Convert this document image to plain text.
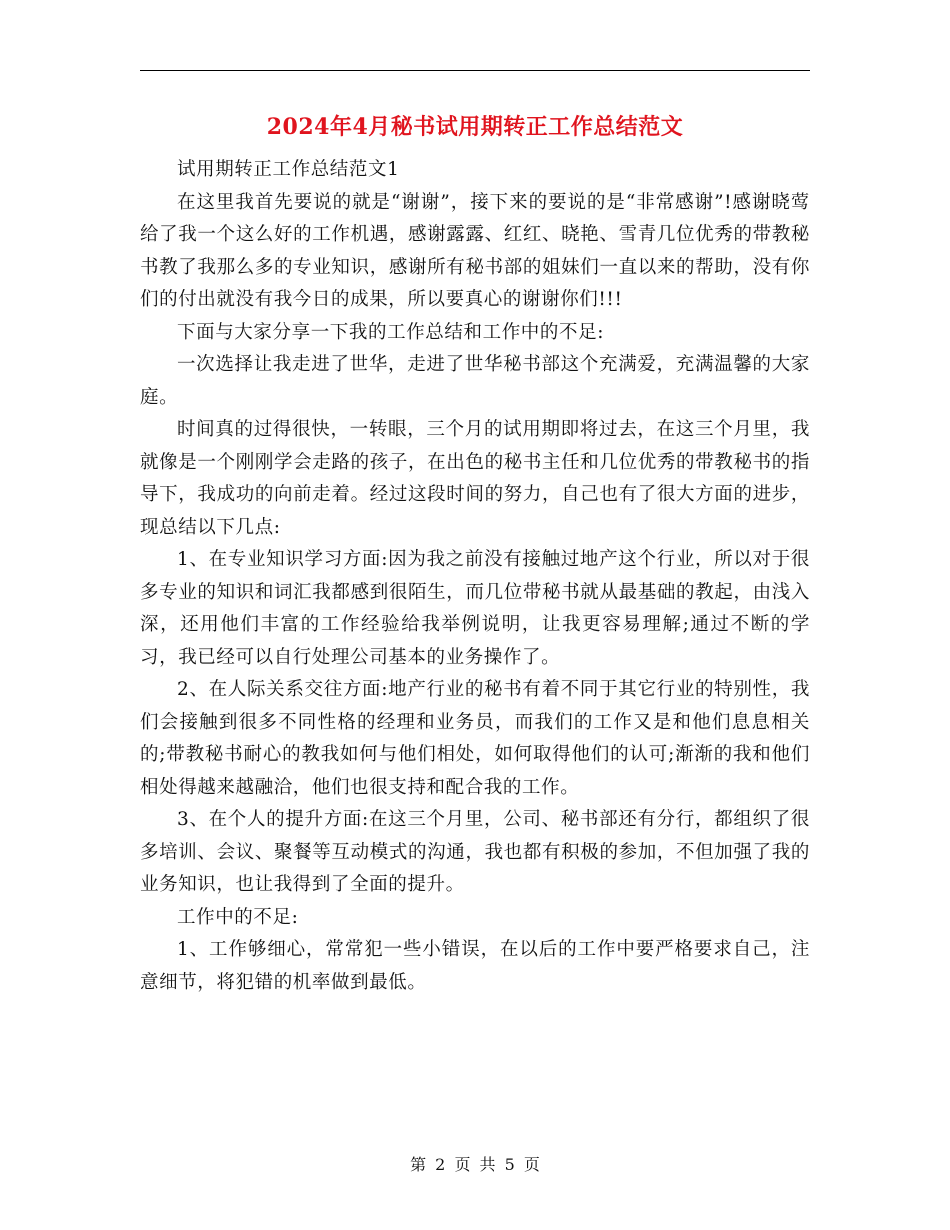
2024年4月秘书试用期转正工作总结范文

试用期转正工作总结范文1

在这里我首先要说的就是“谢谢”，接下来的要说的是“非常感谢”!感谢晓莺给了我一个这么好的工作机遇，感谢露露、红红、晓艳、雪青几位优秀的带教秘书教了我那么多的专业知识，感谢所有秘书部的姐妹们一直以来的帮助，没有你们的付出就没有我今日的成果，所以要真心的谢谢你们!!!

下面与大家分享一下我的工作总结和工作中的不足:

一次选择让我走进了世华，走进了世华秘书部这个充满爱，充满温馨的大家庭。

时间真的过得很快，一转眼，三个月的试用期即将过去，在这三个月里，我就像是一个刚刚学会走路的孩子，在出色的秘书主任和几位优秀的带教秘书的指导下，我成功的向前走着。经过这段时间的努力，自己也有了很大方面的进步，现总结以下几点:

1、在专业知识学习方面:因为我之前没有接触过地产这个行业，所以对于很多专业的知识和词汇我都感到很陌生，而几位带秘书就从最基础的教起，由浅入深，还用他们丰富的工作经验给我举例说明，让我更容易理解;通过不断的学习，我已经可以自行处理公司基本的业务操作了。

2、在人际关系交往方面:地产行业的秘书有着不同于其它行业的特别性，我们会接触到很多不同性格的经理和业务员，而我们的工作又是和他们息息相关的;带教秘书耐心的教我如何与他们相处，如何取得他们的认可;渐渐的我和他们相处得越来越融洽，他们也很支持和配合我的工作。

3、在个人的提升方面:在这三个月里，公司、秘书部还有分行，都组织了很多培训、会议、聚餐等互动模式的沟通，我也都有积极的参加，不但加强了我的业务知识，也让我得到了全面的提升。

工作中的不足:

1、工作够细心，常常犯一些小错误，在以后的工作中要严格要求自己，注意细节，将犯错的机率做到最低。

第 2 页 共 5 页
